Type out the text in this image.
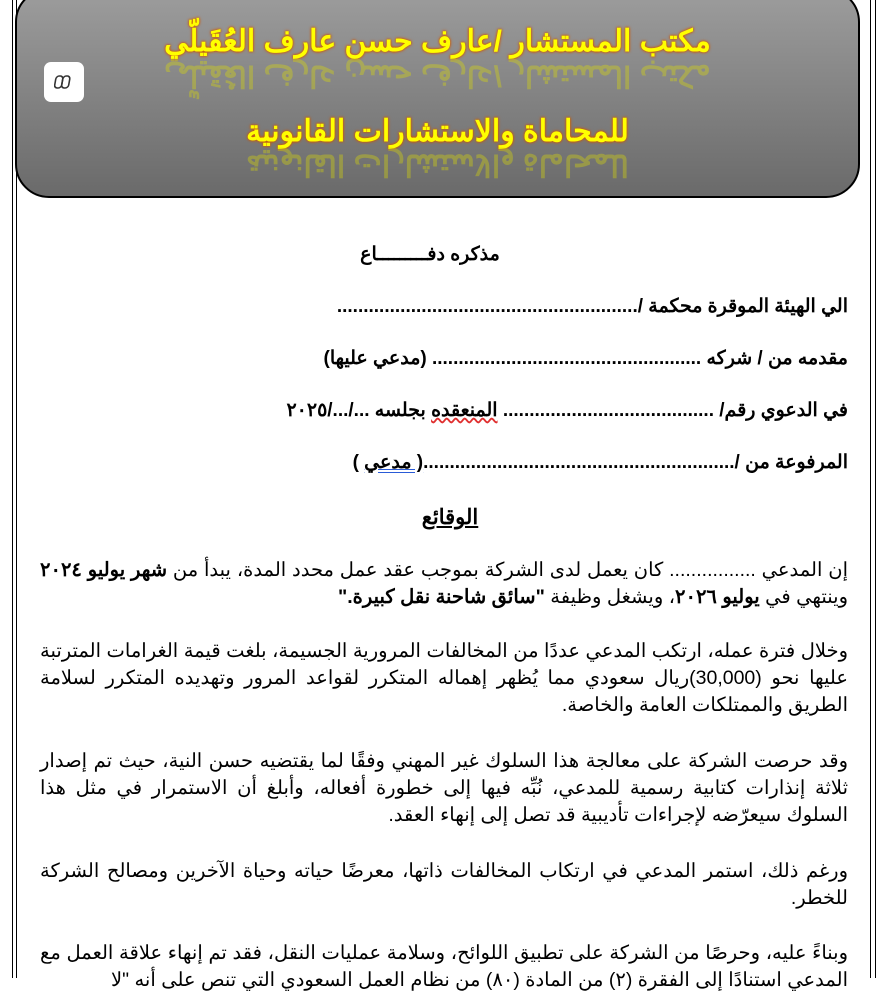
مكتب المستشار /عارف حسن عارف العُقَيلّي
مكتب المستشار /عارف حسن عارف العُقَيلّي
للمحاماة والاستشارات القانونية
للمحاماة والاستشارات القانونية
مذكره دفـــــــــاع
الي الهيئة الموقرة محكمة /.........................................................
مقدمه من / شركه ................................................... (مدعي عليها)
في الدعوي رقم/ ........................................ المنعقده بجلسه .../.../٢٠٢٥
المرفوعة من /...........................................................( مدعي )
الوقائع
إن المدعي ................ كان يعمل لدى الشركة بموجب عقد عمل محدد المدة، يبدأ من شهر يوليو ٢٠٢٤ وينتهي في يوليو ٢٠٢٦، ويشغل وظيفة "سائق شاحنة نقل كبيرة."
وخلال فترة عمله، ارتكب المدعي عددًا من المخالفات المرورية الجسيمة، بلغت قيمة الغرامات المترتبة عليها نحو (30,000)ريال سعودي مما يُظهر إهماله المتكرر لقواعد المرور وتهديده المتكرر لسلامة الطريق والممتلكات العامة والخاصة.
وقد حرصت الشركة على معالجة هذا السلوك غير المهني وفقًا لما يقتضيه حسن النية، حيث تم إصدار ثلاثة إنذارات كتابية رسمية للمدعي، نُبِّه فيها إلى خطورة أفعاله، وأبلغ أن الاستمرار في مثل هذا السلوك سيعرّضه لإجراءات تأديبية قد تصل إلى إنهاء العقد.
ورغم ذلك، استمر المدعي في ارتكاب المخالفات ذاتها، معرضًا حياته وحياة الآخرين ومصالح الشركة للخطر.
وبناءً عليه، وحرصًا من الشركة على تطبيق اللوائح، وسلامة عمليات النقل، فقد تم إنهاء علاقة العمل مع المدعي استنادًا إلى الفقرة (٢) من المادة (٨٠) من نظام العمل السعودي التي تنص على أنه "لا
